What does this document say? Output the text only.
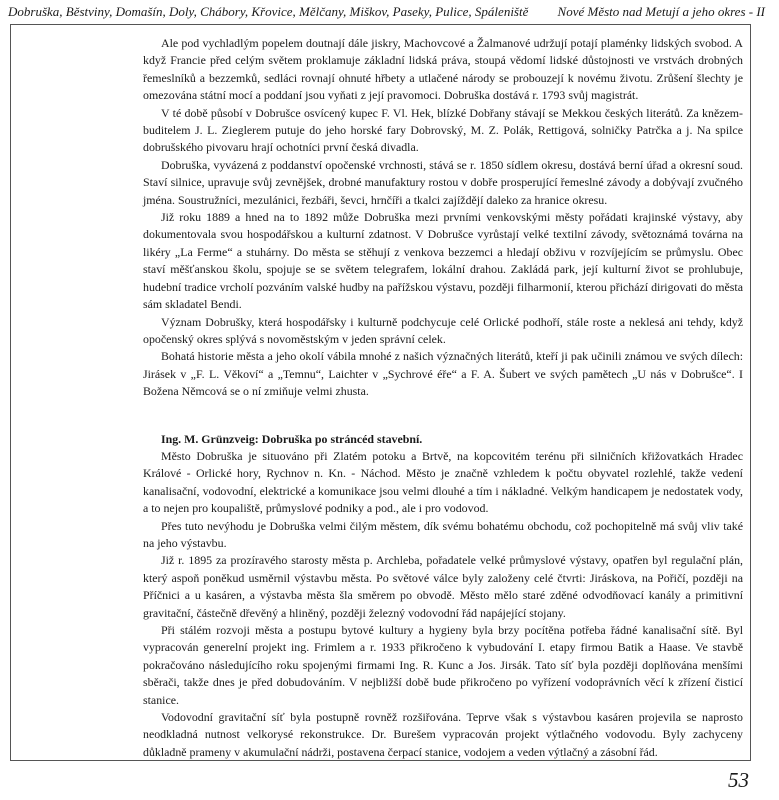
Dobruška, Běstviny, Domašín, Doly, Chábory, Křovice, Mělčany, Miškov, Paseky, Pulice, Spáleniště Nové Město nad Metují a jeho okres - II

Ale pod vychladlým popelem doutnají dále jiskry, Machovcové a Žalmanové udržují potají plaménky lidských svobod. A když Francie před celým světem proklamuje základní lidská práva, stoupá vědomí lidské důstojnosti ve vrstvách drobných řemeslníků a bezzemků, sedláci rovnají ohnuté hřbety a utlačené národy se probouzejí k novému životu. Zrůšení šlechty je omezována státní mocí a poddaní jsou vyňati z její pravomoci. Dobruška dostává r. 1793 svůj magistrát.

V té době působí v Dobrušce osvícený kupec F. Vl. Hek, blízké Dobřany stávají se Mekkou českých literátů. Za knězem-buditelem J. L. Zieglerem putuje do jeho horské fary Dobrovský, M. Z. Polák, Rettigová, solničky Patrčka a j. Na spilce dobrušského pivovaru hrají ochotníci první česká divadla.

Dobruška, vyvázená z poddanství opočenské vrchnosti, stává se r. 1850 sídlem okresu, dostává berní úřad a okresní soud. Staví silnice, upravuje svůj zevnějšek, drobné manufaktury rostou v dobře prosperující řemeslné závody a dobývají zvučného jména. Soustružníci, mezulánici, řezbáři, ševci, hrnčíři a tkalci zajíždějí daleko za hranice okresu.

Již roku 1889 a hned na to 1892 může Dobruška mezi prvními venkovskými městy pořádati krajinské výstavy, aby dokumentovala svou hospodářskou a kulturní zdatnost. V Dobrušce vyrůstají velké textilní závody, světoznámá továrna na likéry „La Ferme“ a stuhárny. Do města se stěhují z venkova bezzemci a hledají obživu v rozvíjejícím se průmyslu. Obec staví měšťanskou školu, spojuje se se světem telegrafem, lokální drahou. Zakládá park, její kulturní život se prohlubuje, hudební tradice vrcholí pozváním valské hudby na pařížskou výstavu, později filharmonií, kterou přichází dirigovati do města sám skladatel Bendi.

Význam Dobrušky, která hospodářsky i kulturně podchycuje celé Orlické podhoří, stále roste a neklesá ani tehdy, když opočenský okres splývá s novoměstským v jeden správní celek.

Bohatá historie města a jeho okolí vábila mnohé z našich význačných literátů, kteří ji pak učinili známou ve svých dílech: Jirásek v „F. L. Věkoví“ a „Temnu“, Laichter v „Sychrové éře“ a F. A. Šubert ve svých pamětech „U nás v Dobrušce“. I Božena Němcová se o ní zmiňuje velmi zhusta.

Ing. M. Grünzveig: Dobruška po stráncéd stavební.

Město Dobruška je situováno při Zlatém potoku a Brtvě, na kopcovitém terénu při silničních křižovatkách Hradec Králové - Orlické hory, Rychnov n. Kn. - Náchod. Město je značně vzhledem k počtu obyvatel rozlehlé, takže vedení kanalisační, vodovodní, elektrické a komunikace jsou velmi dlouhé a tím i nákladné. Velkým handicapem je nedostatek vody, a to nejen pro koupaliště, průmyslové podniky a pod., ale i pro vodovod.

Přes tuto nevýhodu je Dobruška velmi čilým městem, dík svému bohatému obchodu, což pochopitelně má svůj vliv také na jeho výstavbu.

Již r. 1895 za prozíravého starosty města p. Archleba, pořadatele velké průmyslové výstavy, opatřen byl regulační plán, který aspoň poněkud usměrnil výstavbu města. Po světové válce byly založeny celé čtvrti: Jiráskova, na Pořičí, později na Příčnici a u kasáren, a výstavba města šla směrem po obvodě. Město mělo staré zděné odvodňovací kanály a primitivní gravitační, částečně dřevěný a hliněný, později železný vodovodní řád napájející stojany.

Při stálém rozvoji města a postupu bytové kultury a hygieny byla brzy pocítěna potřeba řádné kanalisační sítě. Byl vypracován generelní projekt ing. Frimlem a r. 1933 přikročeno k vybudování I. etapy firmou Batik a Haase. Ve stavbě pokračováno následujícího roku spojenými firmami Ing. R. Kunc a Jos. Jirsák. Tato síť byla později doplňována menšími sběrači, takže dnes je před dobudováním. V nejbližší době bude přikročeno po vyřízení vodoprávních věcí k zřízení čisticí stanice.

Vodovodní gravitační síť byla postupně rovněž rozšiřována. Teprve však s výstavbou kasáren projevila se naprosto neodkladná nutnost velkorysé rekonstrukce. Dr. Burešem vypracován projekt výtlačného vodovodu. Byly zachyceny důkladně prameny v akumulační nádrži, postavena čerpací stanice, vodojem a veden výtlačný a zásobní řád.

53
